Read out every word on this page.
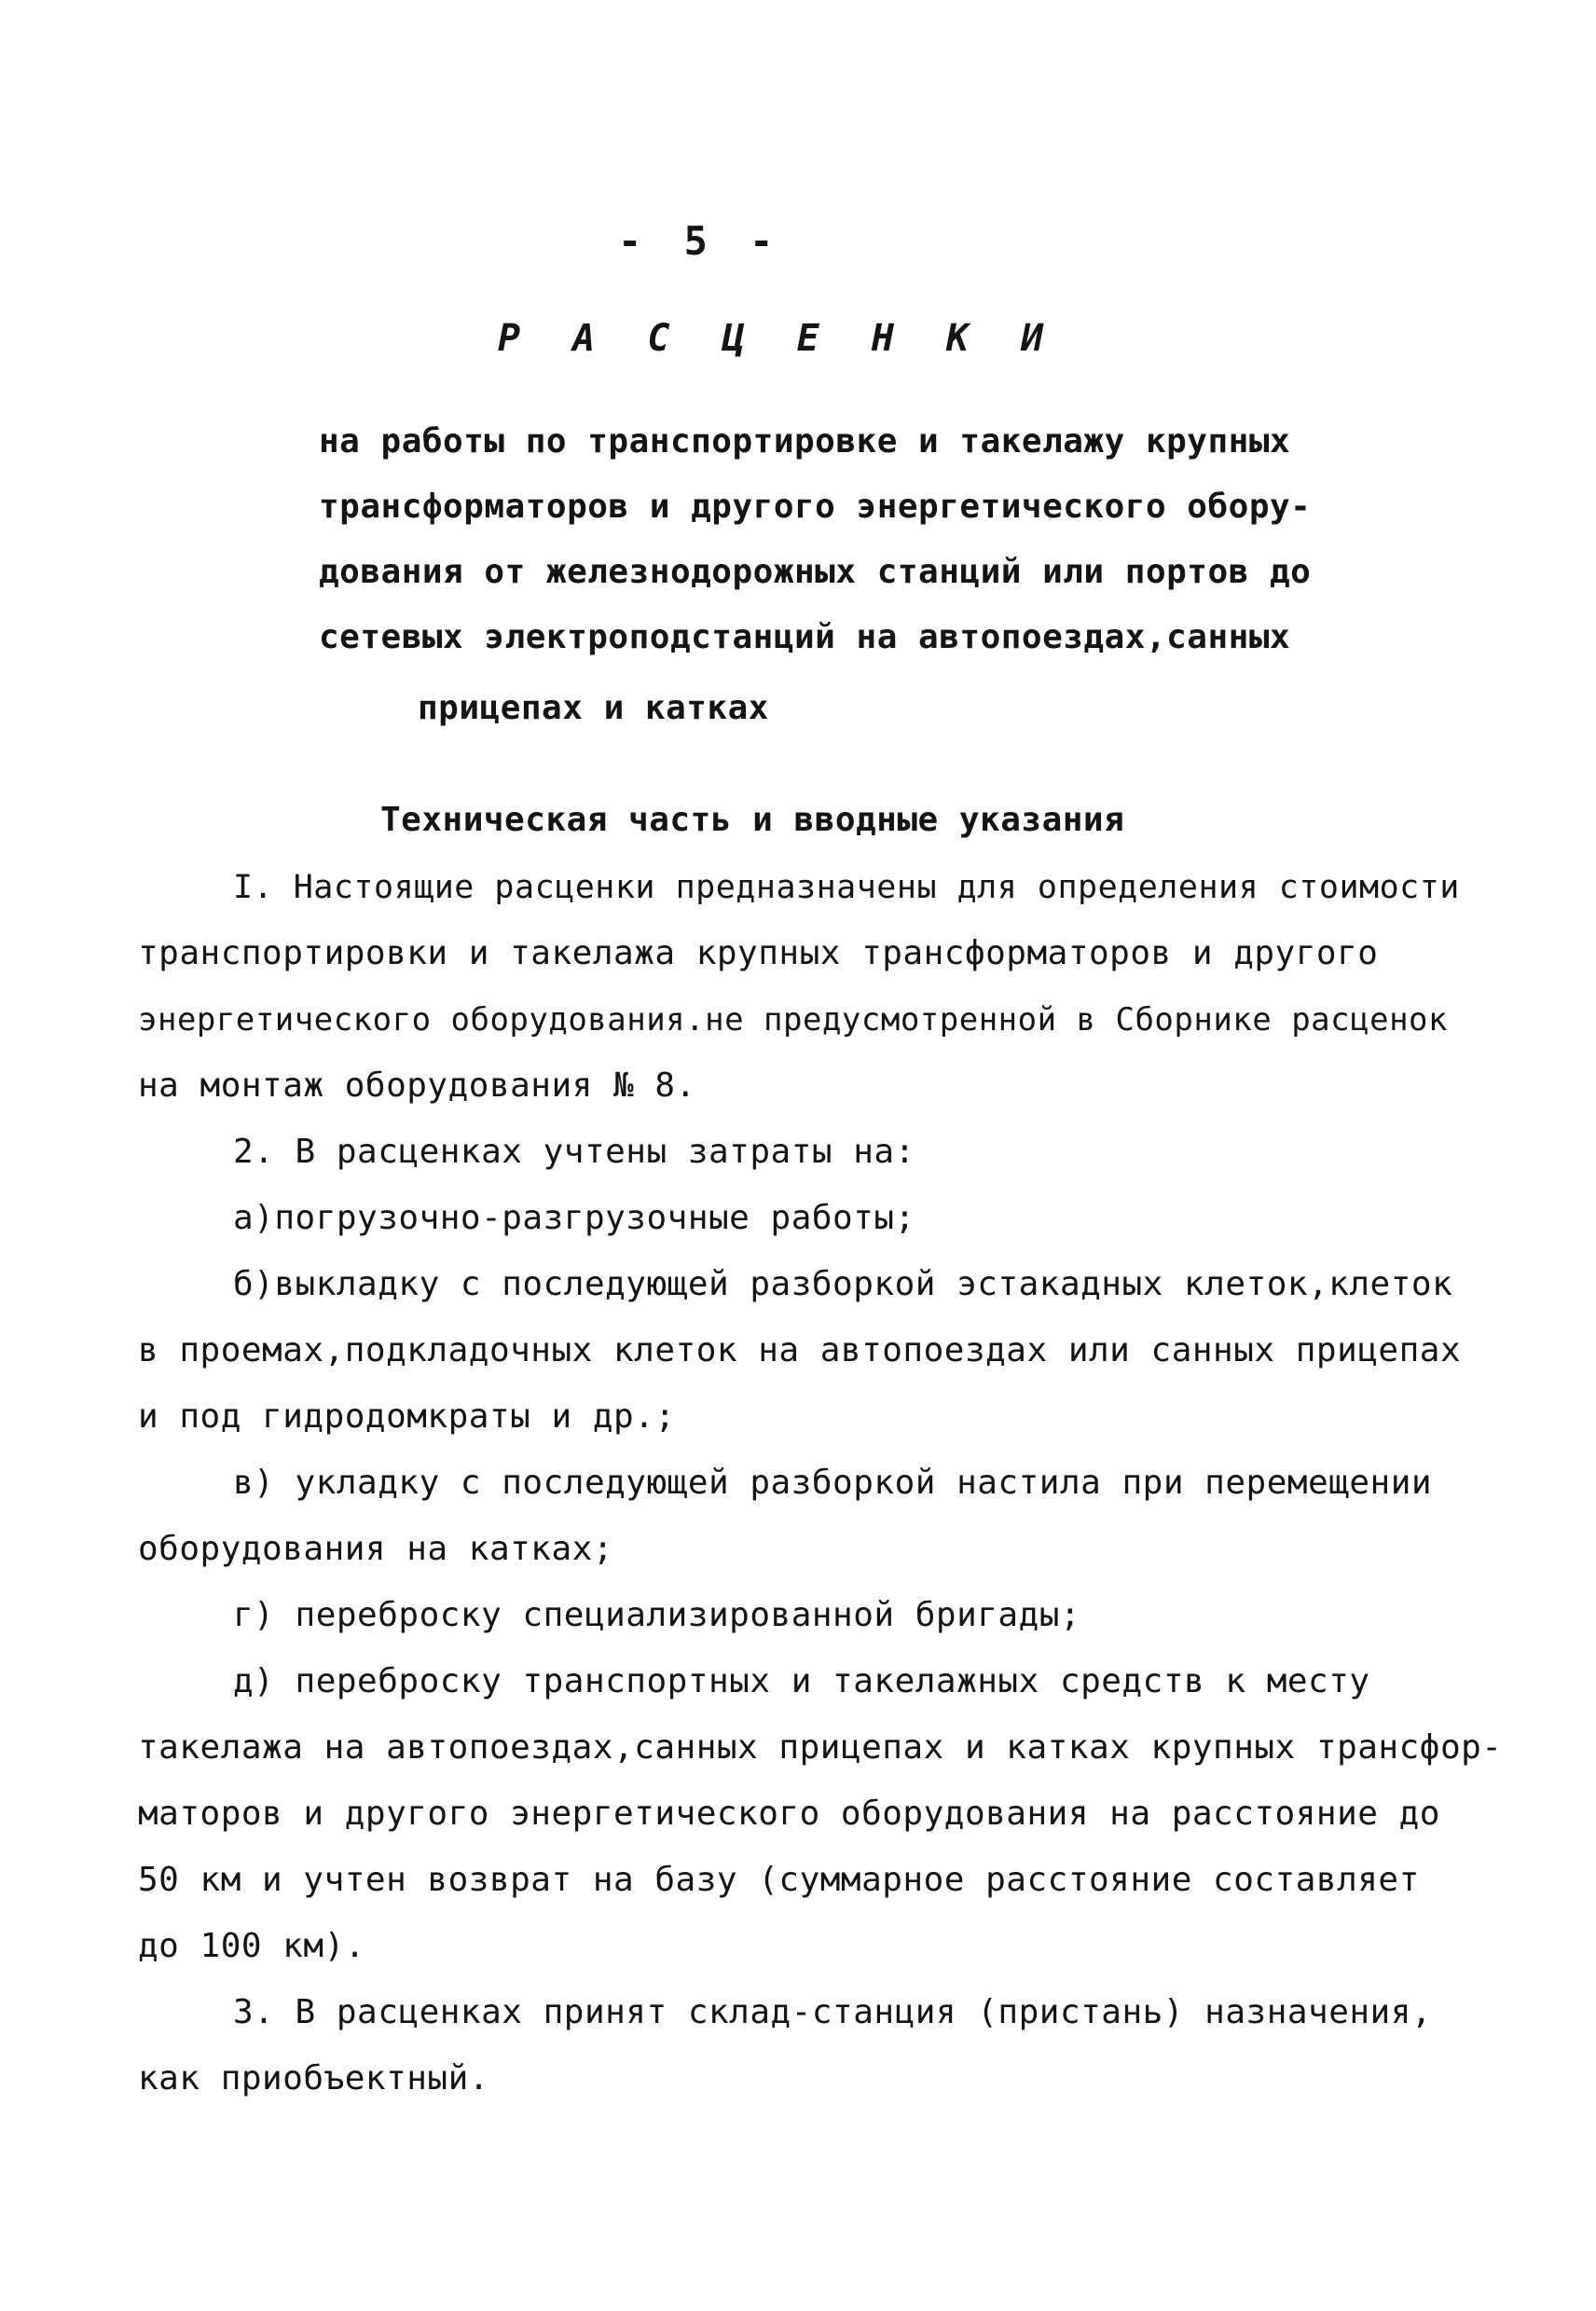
- 5 -
Р А С Ц Е Н К И
на работы по транспортировке и такелажу крупных
трансформаторов и другого энергетического обору-
дования от железнодорожных станций или портов до
сетевых электроподстанций на автопоездах,санных
прицепах и катках
Техническая часть и вводные указания
I. Настоящие расценки предназначены для определения стоимости
транспортировки и такелажа крупных трансформаторов и другого
энергетического оборудования.не предусмотренной в Сборнике расценок
на монтаж оборудования № 8.
2. В расценках учтены затраты на:
а)погрузочно-разгрузочные работы;
б)выкладку с последующей разборкой эстакадных клеток,клеток
в проемах,подкладочных клеток на автопоездах или санных прицепах
и под гидродомкраты и др.;
в) укладку с последующей разборкой настила при перемещении
оборудования на катках;
г) переброску специализированной бригады;
д) переброску транспортных и такелажных средств к месту
такелажа на автопоездах,санных прицепах и катках крупных трансфор-
маторов и другого энергетического оборудования на расстояние до
50 км и учтен возврат на базу (суммарное расстояние составляет
до 100 км).
3. В расценках принят склад-станция (пристань) назначения,
как приобъектный.
